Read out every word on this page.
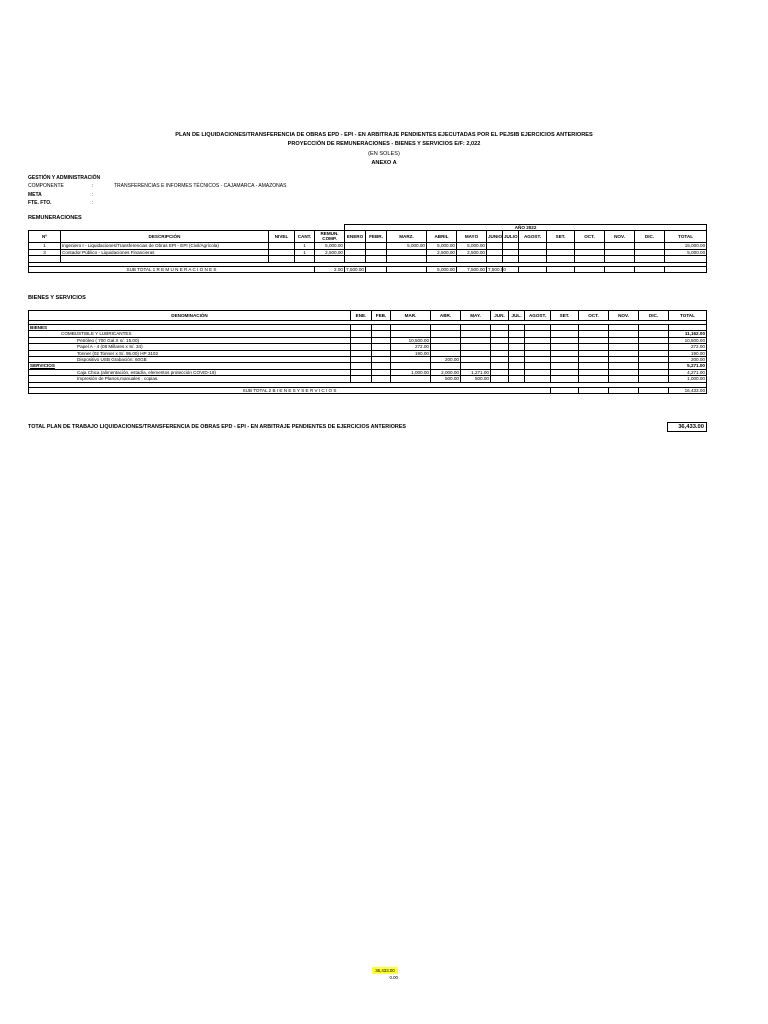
PLAN DE LIQUIDACIONES/TRANSFERENCIA DE OBRAS EPD - EPI - EN ARBITRAJE PENDIENTES EJECUTADAS POR EL PEJSIB EJERCICIOS ANTERIORES
PROYECCIÓN DE REMUNERACIONES - BIENES Y SERVICIOS E/F: 2,022
(EN SOLES)
ANEXO A
GESTIÓN Y ADMINISTRACIÓN
COMPONENTE	:	TRANSFERENCIAS E INFORMES TÉCNICOS - CAJAMARCA - AMAZONAS
META	:
FTE. FTO.	:
REMUNERACIONES
					AÑO 2022												
Nº	DESCRIPCIÓN	NIVEL	CANT.	REMUN. COMP.	ENERO	FEBR.	MARZ.	ABRIL	MAYO	JUNIO	JULIO	AGOST.	SET.	OCT.	NOV.	DIC.	TOTAL
1	Ingeniero I - Liquidaciones/Transferencias de Obras EPI - EPI (Civil/Agrícola)		1	5,000.00			5,000.00	5,000.00	5,000.00								15,000.00
3	Contador Público - Liquidaciones Financieras		1	2,500.00				2,500.00	2,500.00								5,000.00

SUB TOTAL 1 R E M U N E R A C I O N E S				2.00	7,500.00			5,000.00	7,500.00	7,500.00							
BIENES Y SERVICIOS
DENOMINACIÓN	ENE.	FEB.	MAR.	ABR.	MAY.	JUN.	JUL.	AGOST.	SET.	OCT.	NOV.	DIC.	TOTAL

BIENES													
COMBUSTIBLE Y LUBRICANTES													11,162.00
Petróleo ( 700 Gal.X s/. 15.00)			10,500.00										10,500.00
Papel A - 4 (08 Millares x S/. 34)			272.00										272.00
Tonner (02 Tonner x S/. 95.00) HP 3102			190.00										190.00
Dispositivo USB Grabación: 60GB				200.00									200.00
SERVICIOS													5,271.00
Caja Chica (alimentación, estadía, elementos protección COVID-19)			1,000.00	2,000.00	1,271.00								4,271.00
Impresión de Planos,manuales , copias.				500.00	500.00								1,000.00

SUB TOTAL 2 B I E N E S Y S E R V I C I O S													16,433.00
TOTAL PLAN DE TRABAJO LIQUIDACIONES/TRANSFERENCIA DE OBRAS EPD - EPI - EN ARBITRAJE PENDIENTES DE EJERCICIOS ANTERIORES	36,433.00
36,433.00
0.00
